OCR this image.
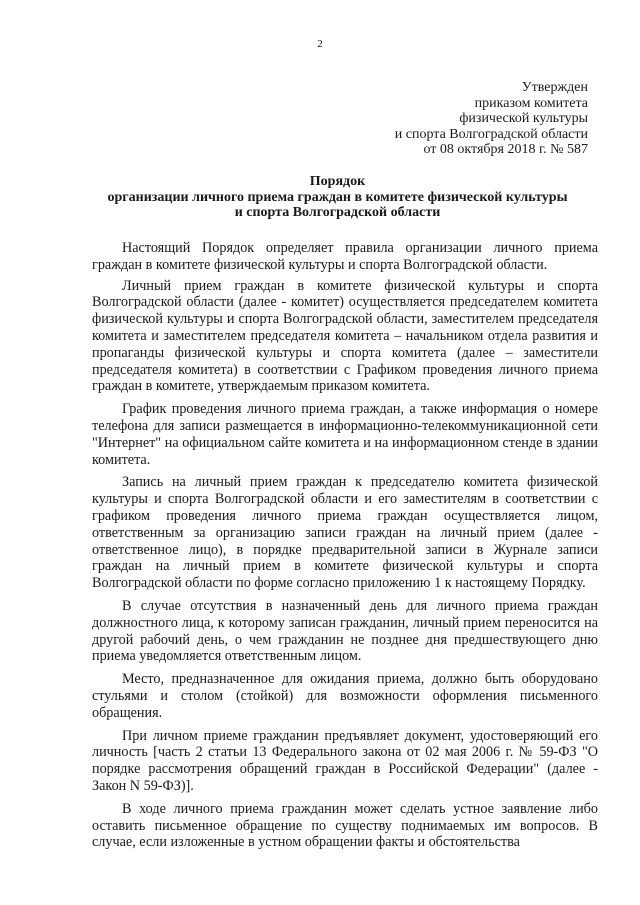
2
Утвержден
приказом комитета
физической культуры
и спорта Волгоградской области
от 08 октября 2018 г. № 587
Порядок
организации личного приема граждан в комитете физической культуры
и спорта Волгоградской области

Настоящий Порядок определяет правила организации личного приема граждан в комитете физической культуры и спорта Волгоградской области.

Личный прием граждан в комитете физической культуры и спорта Волгоградской области (далее - комитет) осуществляется председателем комитета физической культуры и спорта Волгоградской области, заместителем председателя комитета и заместителем председателя комитета – начальником отдела развития и пропаганды физической культуры и спорта комитета (далее – заместители председателя комитета) в соответствии с Графиком проведения личного приема граждан в комитете, утверждаемым приказом комитета.

График проведения личного приема граждан, а также информация о номере телефона для записи размещается в информационно-телекоммуникационной сети "Интернет" на официальном сайте комитета и на информационном стенде в здании комитета.

Запись на личный прием граждан к председателю комитета физической культуры и спорта Волгоградской области и его заместителям в соответствии с графиком проведения личного приема граждан осуществляется лицом, ответственным за организацию записи граждан на личный прием (далее - ответственное лицо), в порядке предварительной записи в Журнале записи граждан на личный прием в комитете физической культуры и спорта Волгоградской области по форме согласно приложению 1 к настоящему Порядку.

В случае отсутствия в назначенный день для личного приема граждан должностного лица, к которому записан гражданин, личный прием переносится на другой рабочий день, о чем гражданин не позднее дня предшествующего дню приема уведомляется ответственным лицом.

Место, предназначенное для ожидания приема, должно быть оборудовано стульями и столом (стойкой) для возможности оформления письменного обращения.

При личном приеме гражданин предъявляет документ, удостоверяющий его личность [часть 2 статьи 13 Федерального закона от 02 мая 2006 г. № 59-ФЗ "О порядке рассмотрения обращений граждан в Российской Федерации" (далее - Закон N 59-ФЗ)].

В ходе личного приема гражданин может сделать устное заявление либо оставить письменное обращение по существу поднимаемых им вопросов. В случае, если изложенные в устном обращении факты и обстоятельства
